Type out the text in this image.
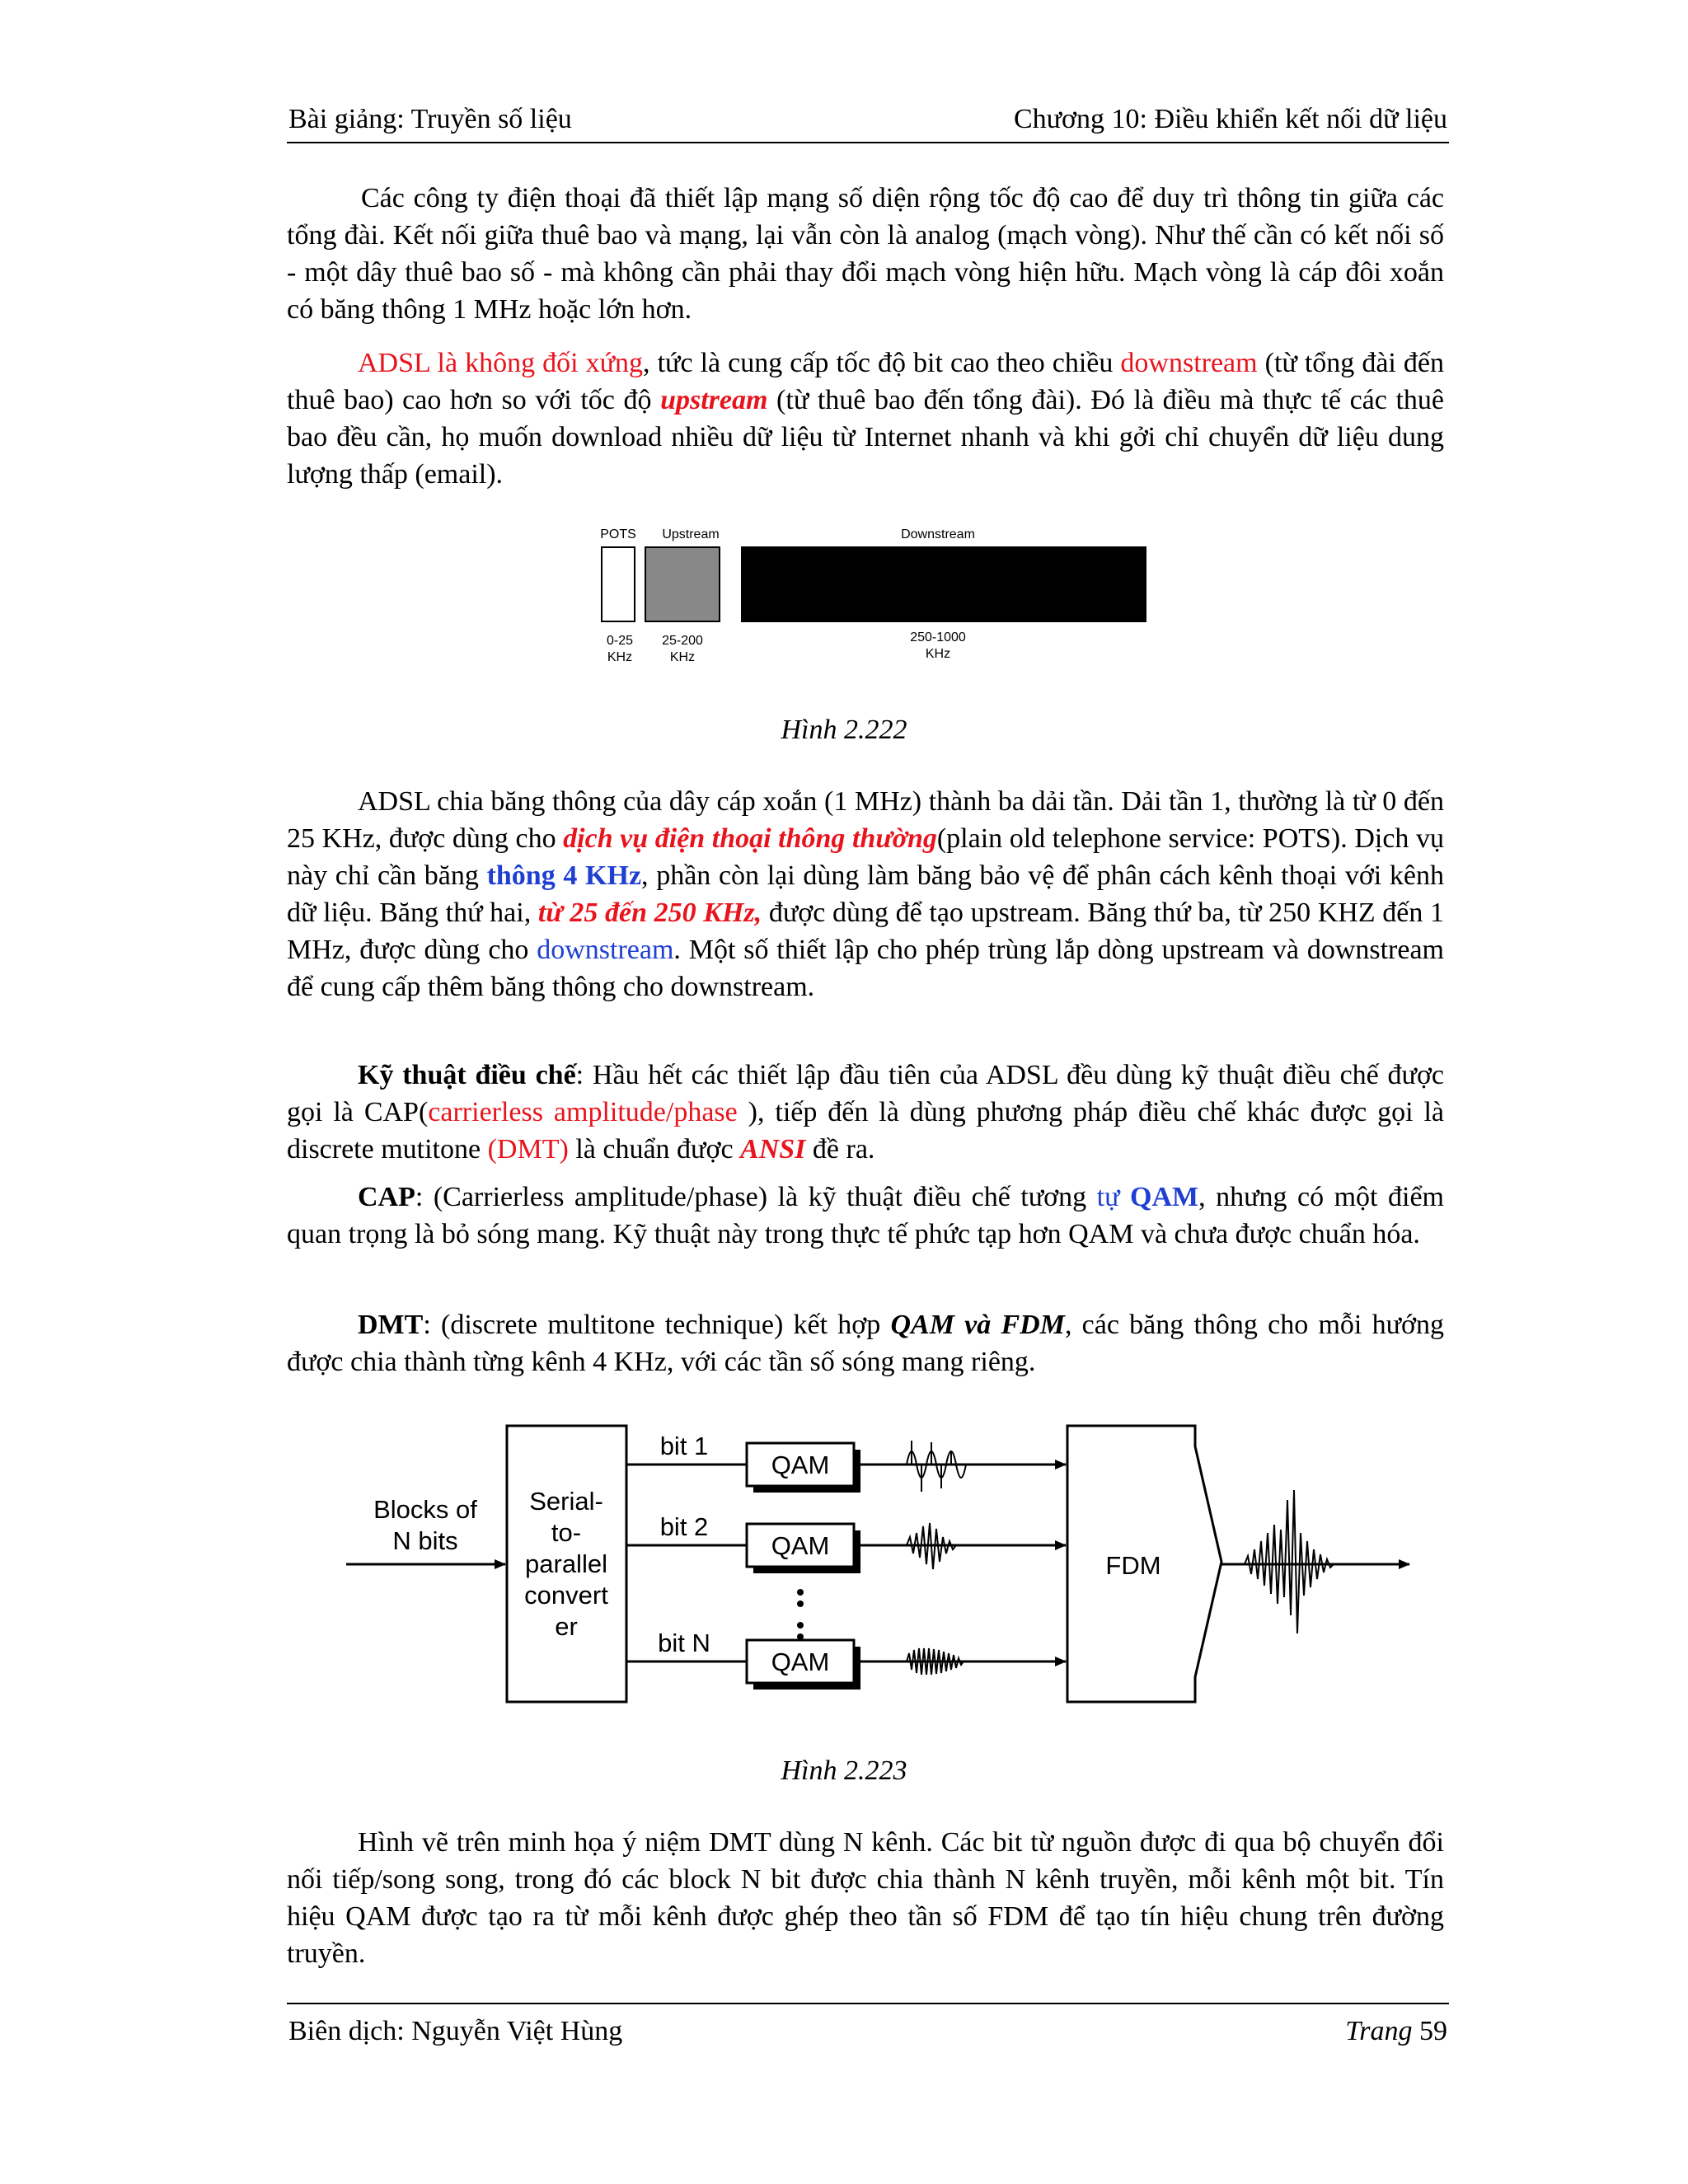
Bài giảng: Truyền số liệu	Chương 10: Điều khiển kết nối dữ liệu

Các công ty điện thoại đã thiết lập mạng số diện rộng tốc độ cao để duy trì thông tin giữa các tổng đài. Kết nối giữa thuê bao và mạng, lại vẫn còn là analog (mạch vòng). Như thế cần có kết nối số - một dây thuê bao số - mà không cần phải thay đổi mạch vòng hiện hữu. Mạch vòng là cáp đôi xoắn có băng thông 1 MHz hoặc lớn hơn.

ADSL là không đối xứng, tức là cung cấp tốc độ bit cao theo chiều downstream (từ tổng đài đến thuê bao) cao hơn so với tốc độ upstream (từ thuê bao đến tổng đài). Đó là điều mà thực tế các thuê bao đều cần, họ muốn download nhiều dữ liệu từ Internet nhanh và khi gởi chỉ chuyển dữ liệu dung lượng thấp (email).

POTS Upstream	Downstream
0-25
KHz
25-200
KHz
250-1000
KHz
Hình 2.222

ADSL chia băng thông của dây cáp xoắn (1 MHz) thành ba dải tần. Dải tần 1, thường là từ 0 đến 25 KHz, được dùng cho dịch vụ điện thoại thông thường(plain old telephone service: POTS). Dịch vụ này chỉ cần băng thông 4 KHz, phần còn lại dùng làm băng bảo vệ để phân cách kênh thoại với kênh dữ liệu. Băng thứ hai, từ 25 đến 250 KHz, được dùng để tạo upstream. Băng thứ ba, từ 250 KHZ đến 1 MHz, được dùng cho downstream. Một số thiết lập cho phép trùng lắp dòng upstream và downstream để cung cấp thêm băng thông cho downstream.

Kỹ thuật điều chế: Hầu hết các thiết lập đầu tiên của ADSL đều dùng kỹ thuật điều chế được gọi là CAP(carrierless amplitude/phase ), tiếp đến là dùng phương pháp điều chế khác được gọi là discrete mutitone (DMT) là chuẩn được ANSI đề ra.

CAP: (Carrierless amplitude/phase) là kỹ thuật điều chế tương tự QAM, nhưng có một điểm quan trọng là bỏ sóng mang. Kỹ thuật này trong thực tế phức tạp hơn QAM và chưa được chuẩn hóa.

DMT: (discrete multitone technique) kết hợp QAM và FDM, các băng thông cho mỗi hướng được chia thành từng kênh 4 KHz, với các tần số sóng mang riêng.

Blocks of
N bits
Serial-
to-
parallel
convert
er
bit 1
bit 2
bit N
QAM
QAM
QAM
FDM
Hình 2.223

Hình vẽ trên minh họa ý niệm DMT dùng N kênh. Các bit từ nguồn được đi qua bộ chuyển đổi nối tiếp/song song, trong đó các block N bit được chia thành N kênh truyền, mỗi kênh một bit. Tín hiệu QAM được tạo ra từ mỗi kênh được ghép theo tần số FDM để tạo tín hiệu chung trên đường truyền.

Biên dịch: Nguyễn Việt Hùng	Trang 59
